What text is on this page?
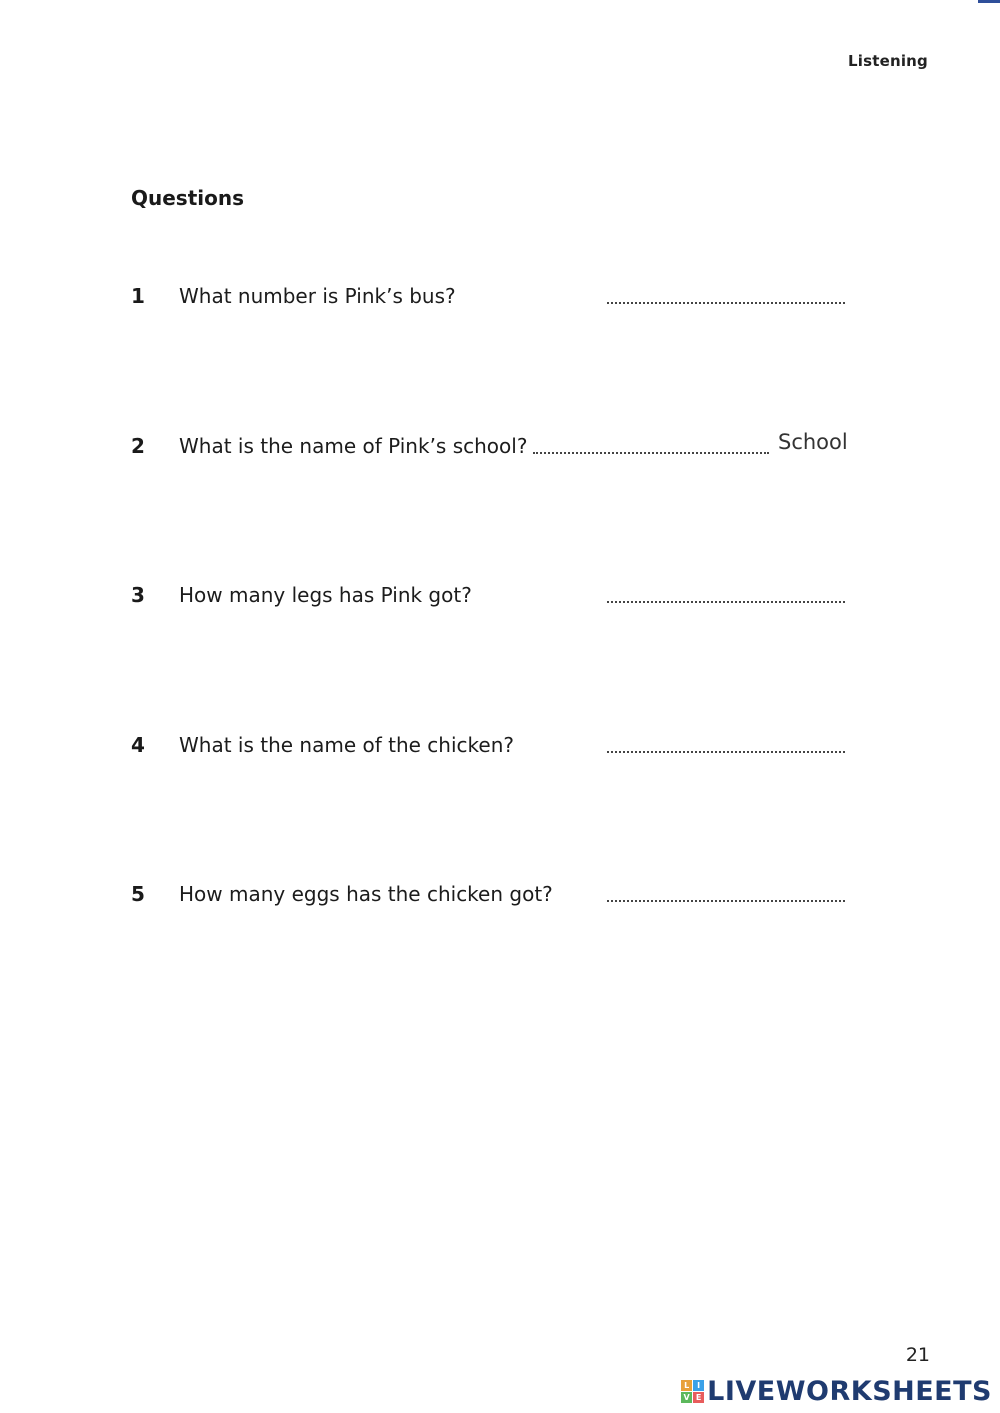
Listening
Questions
1 What number is Pink’s bus?
2 What is the name of Pink’s school?	School
3 How many legs has Pink got?
4 What is the name of the chicken?
5 How many eggs has the chicken got?
21
L I
V E LIVEWORKSHEETS
